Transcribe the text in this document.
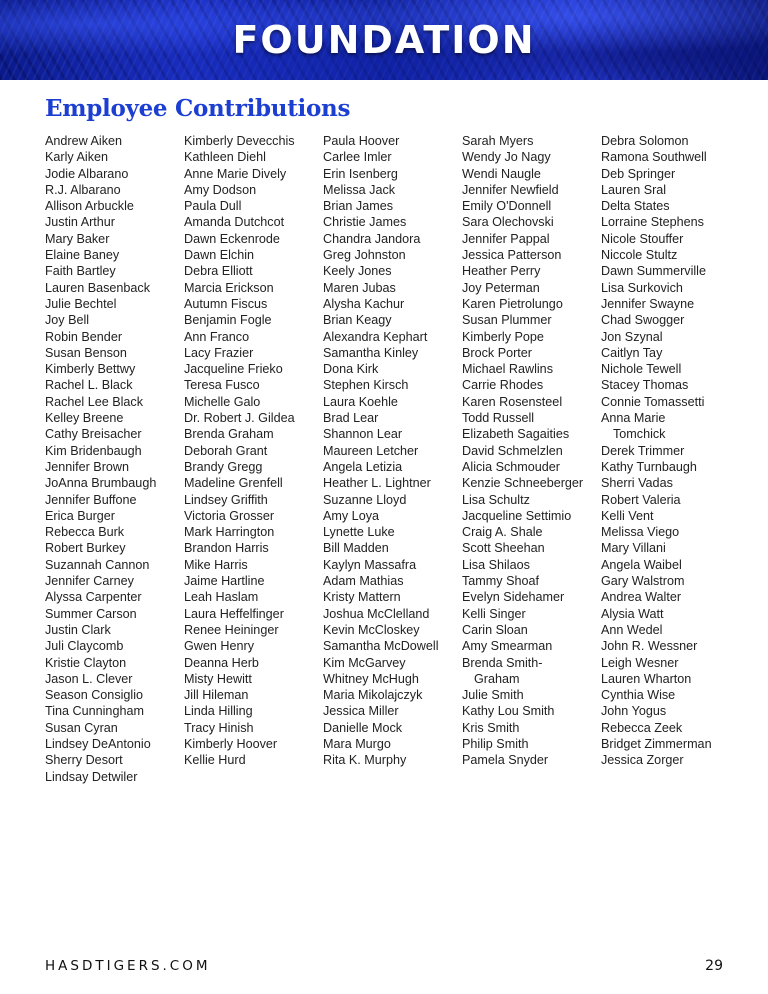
FOUNDATION
Employee Contributions
Andrew Aiken
Karly Aiken
Jodie Albarano
R.J. Albarano
Allison Arbuckle
Justin Arthur
Mary Baker
Elaine Baney
Faith Bartley
Lauren Basenback
Julie Bechtel
Joy Bell
Robin Bender
Susan Benson
Kimberly Bettwy
Rachel L. Black
Rachel Lee Black
Kelley Breene
Cathy Breisacher
Kim Bridenbaugh
Jennifer Brown
JoAnna Brumbaugh
Jennifer Buffone
Erica Burger
Rebecca Burk
Robert Burkey
Suzannah Cannon
Jennifer Carney
Alyssa Carpenter
Summer Carson
Justin Clark
Juli Claycomb
Kristie Clayton
Jason L. Clever
Season Consiglio
Tina Cunningham
Susan Cyran
Lindsey DeAntonio
Sherry Desort
Lindsay Detwiler
Kimberly Devecchis
Kathleen Diehl
Anne Marie Dively
Amy Dodson
Paula Dull
Amanda Dutchcot
Dawn Eckenrode
Dawn Elchin
Debra Elliott
Marcia Erickson
Autumn Fiscus
Benjamin Fogle
Ann Franco
Lacy Frazier
Jacqueline Frieko
Teresa Fusco
Michelle Galo
Dr. Robert J. Gildea
Brenda Graham
Deborah Grant
Brandy Gregg
Madeline Grenfell
Lindsey Griffith
Victoria Grosser
Mark Harrington
Brandon Harris
Mike Harris
Jaime Hartline
Leah Haslam
Laura Heffelfinger
Renee Heininger
Gwen Henry
Deanna Herb
Misty Hewitt
Jill Hileman
Linda Hilling
Tracy Hinish
Kimberly Hoover
Kellie Hurd
Paula Hoover
Carlee Imler
Erin Isenberg
Melissa Jack
Brian James
Christie James
Chandra Jandora
Greg Johnston
Keely Jones
Maren Jubas
Alysha Kachur
Brian Keagy
Alexandra Kephart
Samantha Kinley
Dona Kirk
Stephen Kirsch
Laura Koehle
Brad Lear
Shannon Lear
Maureen Letcher
Angela Letizia
Heather L. Lightner
Suzanne Lloyd
Amy Loya
Lynette Luke
Bill Madden
Kaylyn Massafra
Adam Mathias
Kristy Mattern
Joshua McClelland
Kevin McCloskey
Samantha McDowell
Kim McGarvey
Whitney McHugh
Maria Mikolajczyk
Jessica Miller
Danielle Mock
Mara Murgo
Rita K. Murphy
Sarah Myers
Wendy Jo Nagy
Wendi Naugle
Jennifer Newfield
Emily O'Donnell
Sara Olechovski
Jennifer Pappal
Jessica Patterson
Heather Perry
Joy Peterman
Karen Pietrolungo
Susan Plummer
Kimberly Pope
Brock Porter
Michael Rawlins
Carrie Rhodes
Karen Rosensteel
Todd Russell
Elizabeth Sagaities
David Schmelzlen
Alicia Schmouder
Kenzie Schneeberger
Lisa Schultz
Jacqueline Settimio
Craig A. Shale
Scott Sheehan
Lisa Shilaos
Tammy Shoaf
Evelyn Sidehamer
Kelli Singer
Carin Sloan
Amy Smearman
Brenda Smith-
Graham
Julie Smith
Kathy Lou Smith
Kris Smith
Philip Smith
Pamela Snyder
Debra Solomon
Ramona Southwell
Deb Springer
Lauren Sral
Delta States
Lorraine Stephens
Nicole Stouffer
Niccole Stultz
Dawn Summerville
Lisa Surkovich
Jennifer Swayne
Chad Swogger
Jon Szynal
Caitlyn Tay
Nichole Tewell
Stacey Thomas
Connie Tomassetti
Anna Marie
Tomchick
Derek Trimmer
Kathy Turnbaugh
Sherri Vadas
Robert Valeria
Kelli Vent
Melissa Viego
Mary Villani
Angela Waibel
Gary Walstrom
Andrea Walter
Alysia Watt
Ann Wedel
John R. Wessner
Leigh Wesner
Lauren Wharton
Cynthia Wise
John Yogus
Rebecca Zeek
Bridget Zimmerman
Jessica Zorger
HASDTIGERS.COM	29
